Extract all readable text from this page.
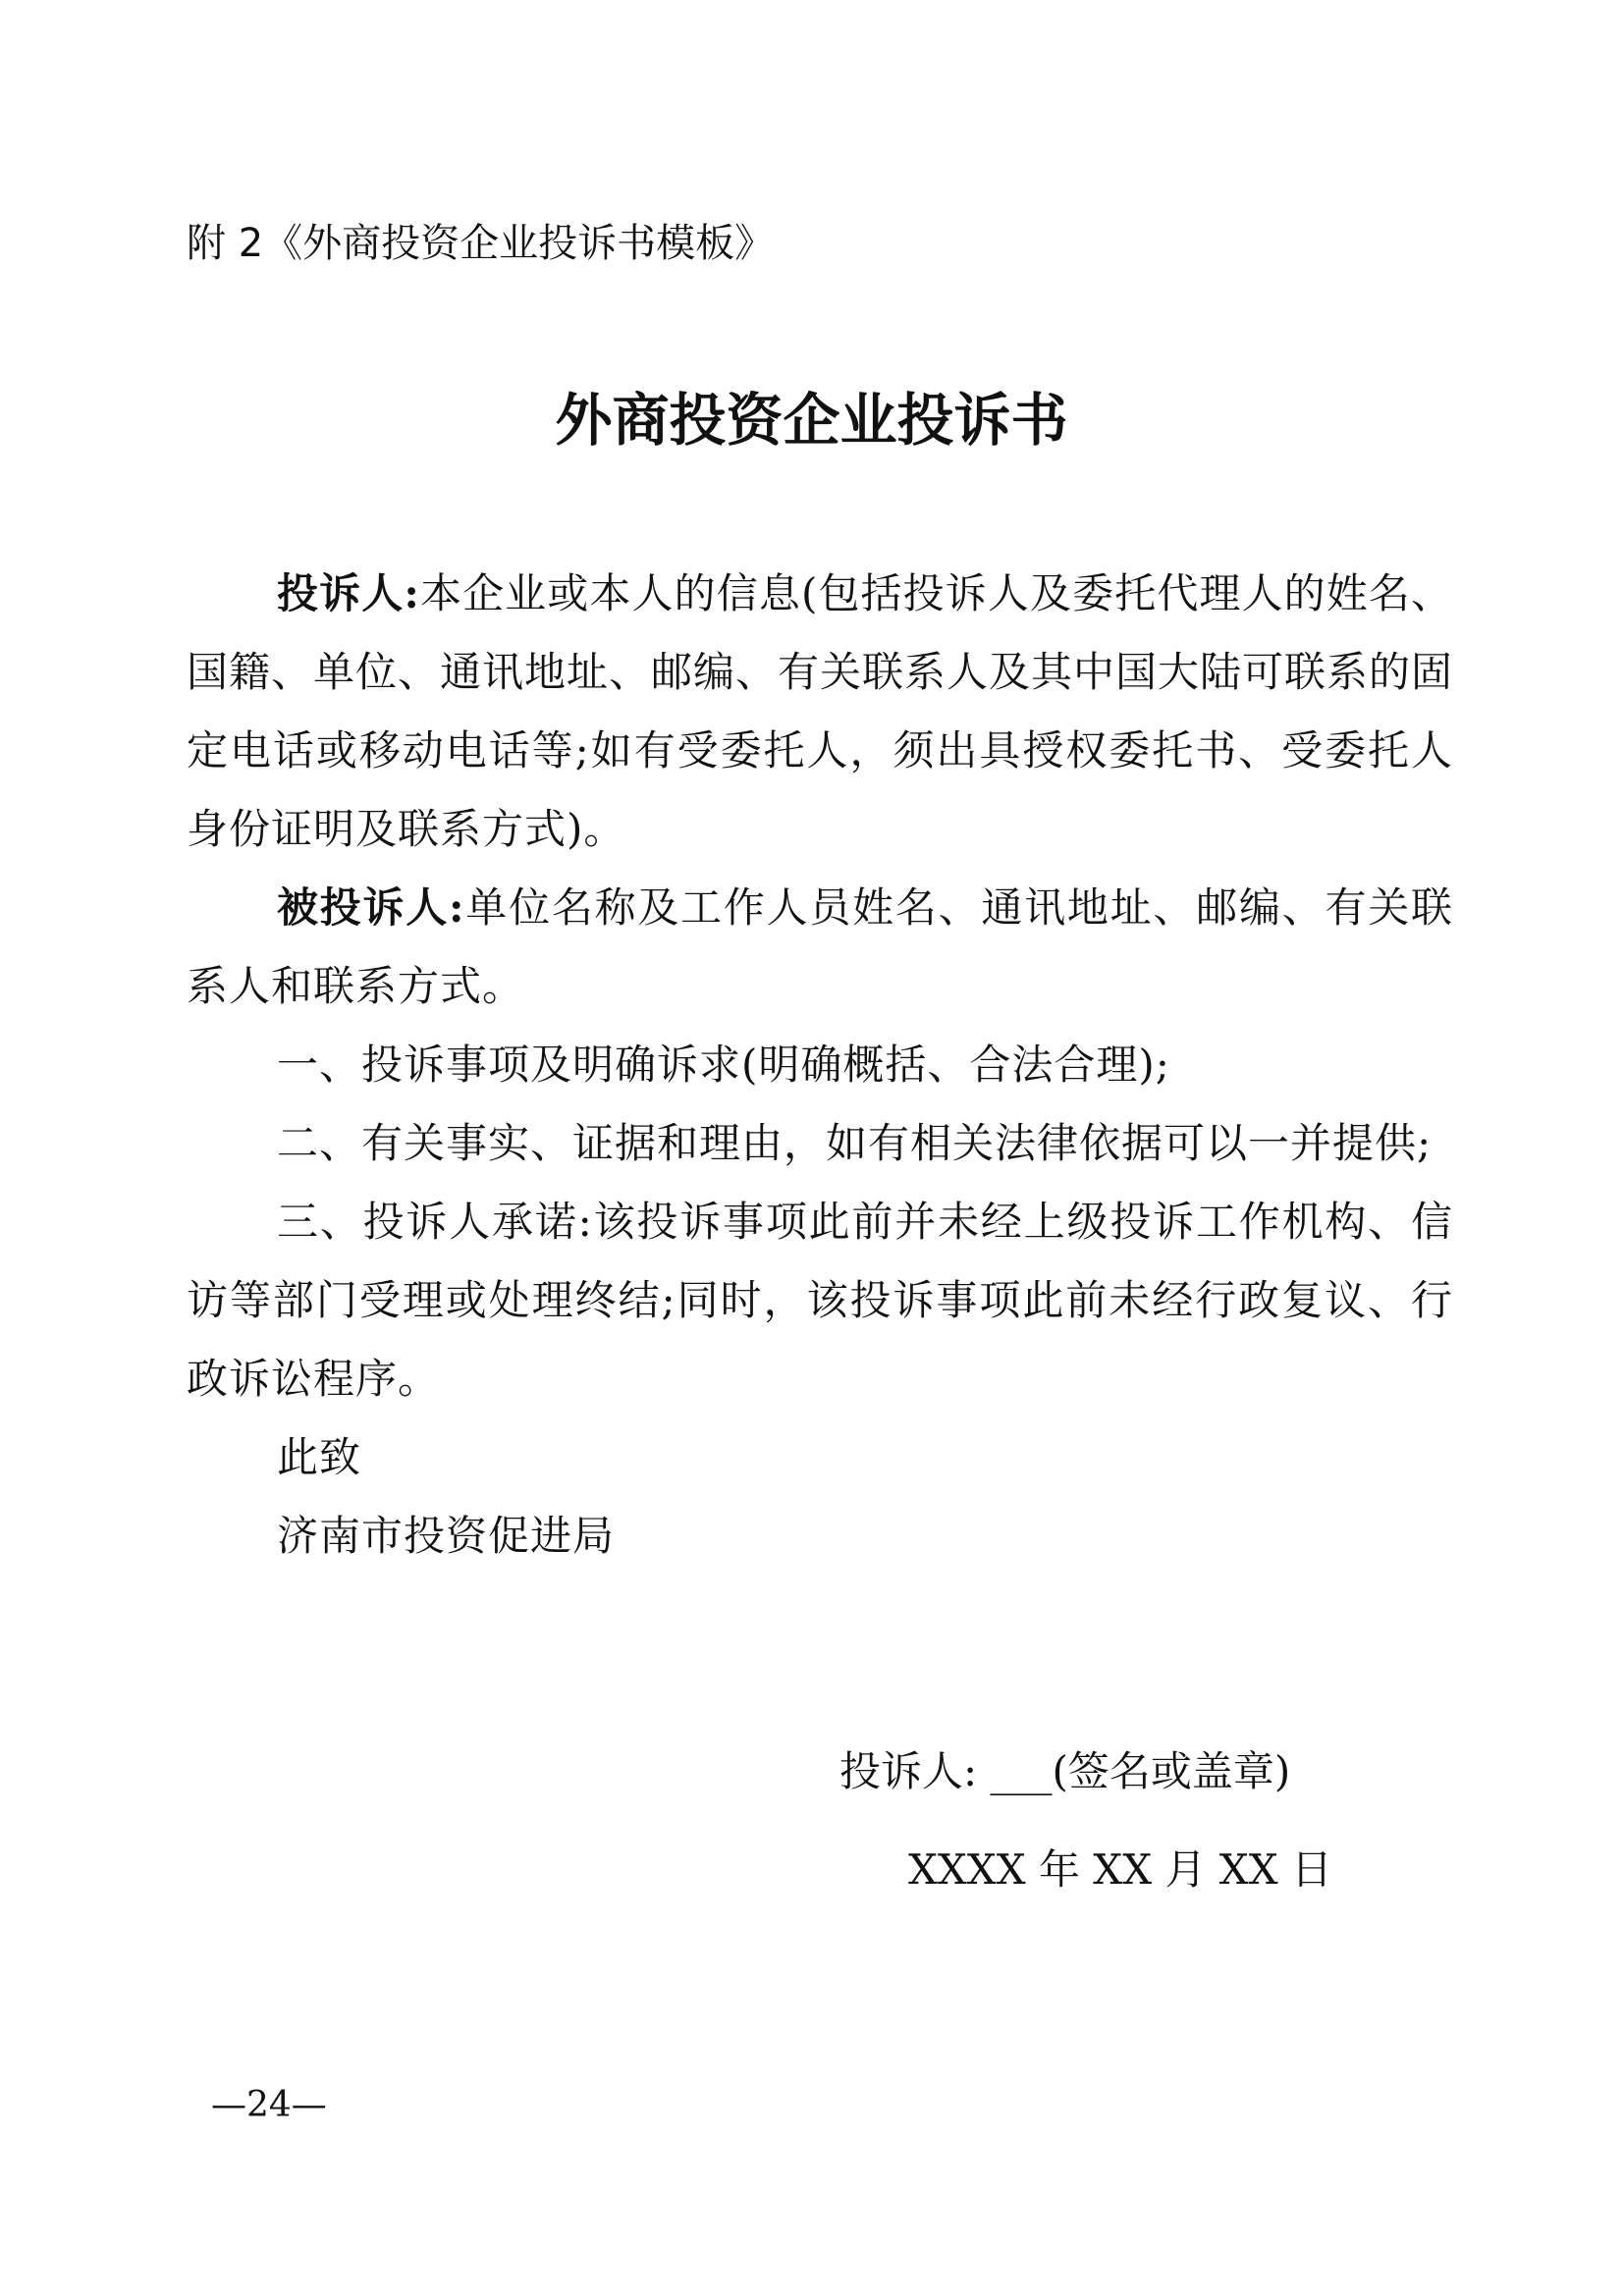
附 2《外商投资企业投诉书模板》
外商投资企业投诉书

投诉人:本企业或本人的信息(包括投诉人及委托代理人的姓名、国籍、单位、通讯地址、邮编、有关联系人及其中国大陆可联系的固定电话或移动电话等;如有受委托人，须出具授权委托书、受委托人身份证明及联系方式)。

被投诉人:单位名称及工作人员姓名、通讯地址、邮编、有关联系人和联系方式。

一、投诉事项及明确诉求(明确概括、合法合理);

二、有关事实、证据和理由，如有相关法律依据可以一并提供;

三、投诉人承诺:该投诉事项此前并未经上级投诉工作机构、信访等部门受理或处理终结;同时，该投诉事项此前未经行政复议、行政诉讼程序。

此致

济南市投资促进局

投诉人: ___(签名或盖章)
XXXX 年 XX 月 XX 日
—24—
